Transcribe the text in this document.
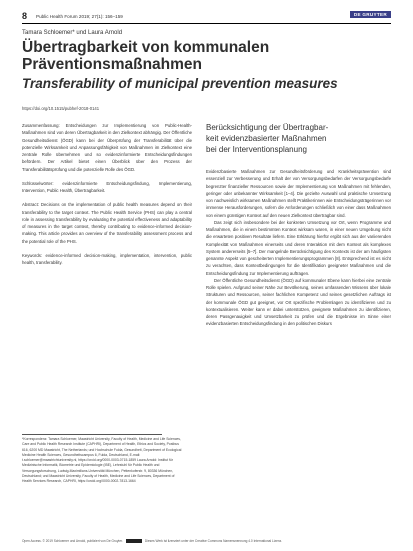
8	Public Health Forum 2019; 27(1): 156–159	DE GRUYTER
Tamara Schloemer* und Laura Arnold
Übertragbarkeit von kommunalen Präventionsmaßnahmen
Transferability of municipal prevention measures
https://doi.org/10.1515/pubhef-2018-0141

Zusammenfassung: Entscheidungen zur Implementierung von Public-Health-Maßnahmen sind von deren Übertragbarkeit in den Zielkontext abhängig. Der Öffentliche Gesundheitsdienst (ÖGD) kann bei der Überprüfung der Transferabilität über die potenzielle Wirksamkeit und Anpassungsfähigkeit von Maßnahmen im Zielkontext eine zentrale Rolle übernehmen und so evidenzinformierte Entscheidungsfindungen befördern. Der Artikel bietet einen Überblick über den Prozess der Transferabilitätsprüfung und die potenzielle Rolle des ÖGD.

Schlüsselwörter: evidenzinformierte Entscheidungsfindung, Implementierung, Intervention, Public Health, Übertragbarkeit.

Abstract: Decisions on the implementation of public health measures depend on their transferability to the target context. The Public Health Service (PHS) can play a central role in assessing transferability by evaluating the potential effectiveness and adaptability of measures in the target context, thereby contributing to evidence-informed decision-making. This article provides an overview of the transferability assessment process and the potential role of the PHS.

Keywords: evidence-informed decision-making, implementation, intervention, public health, transferability.

*Korrespondenz: Tamara Schloemer, Maastricht University, Faculty of Health, Medicine and Life Sciences, Care and Public Health Research Institute (CAPHRI), Department of Health, Ethics and Society, Postbus 616, 6200 MD Maastricht, The Netherlands; und Hochschule Fulda, Gesundheit, Department of Ecological Medicine Health Sciences, Gesundheitscampus 6, Fulda, Deutschland, E-mail: t.schloemer@maastrichtuniversity.nl, https://orcid.org/0000-0003-0715-1859 Laura Arnold: Institut für Medizinische Informatik, Biometrie und Epidemiologie (IBE), Lehrstuhl für Public Health und Versorgungsforschung, Ludwig-Maximilians-Universität München, Pettenkoferstr. 9, 80336 München, Deutschland; und Maastricht University, Faculty of Health, Medicine and Life Sciences, Department of Health Services Research, CAPHRI, https://orcid.org/0000-0002-7813-1664
Berücksichtigung der Übertragbar-
keit evidenzbasierter Maßnahmen
bei der Interventionsplanung

Evidenzbasierte Maßnahmen zur Gesundheitsförderung und Krankheitsprävention sind essenziell zur Verbesserung und Erhalt der von Versorgungsbedarfen der Versorgungsbedarfe begrenzter finanzieller Ressourcen sowie der Implementierung von Maßnahmen mit fehlenden, geringer oder unbekannter Wirksamkeit [1–4]. Die gezielte Auswahl und praktische Umsetzung von nachweislich wirksamen Maßnahmen stellt Praktikerinnen wie Entscheidungsträgerinnen vor immense Herausforderungen, sofern die Anforderungen schließlich von einer dass Maßnahmen von einem günstigen Kontext auf den neuen Zielkontext übertragbar sind.

Das zeigt sich insbesondere bei der konkreten Umsetzung vor Ort, wenn Programme und Maßnahmen, die in einem bestimmten Kontext wirksam waren, in einer neuen Umgebung nicht die erwarteten positiven Resultate liefern. Eine Erklärung hierfür ergibt sich aus der variierenden Komplexität von Maßnahmen einerseits und deren Interaktion mit dem Kontext als komplexes System andererseits [5–7]. Der mangelnde Berücksichtigung des Kontexts ist der am häufigsten genannte Aspekt von gescheiterten Implementierungsprogrammen [8]. Entsprechend ist es nicht zu verachten, dass Kontextbedingungen für die Identifikation geeigneter Maßnahmen und die Entscheidungsfindung zur Implementierung auftragen.

Der Öffentliche Gesundheitsdienst (ÖGD) auf kommunaler Ebene kann hierbei eine zentrale Rolle spielen. Aufgrund seiner Nähe zur Bevölkerung, seines umfassenden Wissens über lokale Strukturen und Ressourcen, seiner fachlichen Kompetenz und seines gesetzlichen Auftrags ist der kommunale ÖGD gut geeignet, vor Ort spezifische Problemlagen zu identifizieren und zu kontextualisieren. Weiter kann er dabei unterstützen, geeignete Maßnahmen zu identifizieren, deren Passgenauigkeit und Umsetzbarkeit zu prüfen und die Ergebnisse im Sinne einer evidenzbasierten Entscheidungsfindung in den politischen Diskurs

Open Access. © 2019 Schloemer und Arnold, publiziert von De Gruyter.	Dieses Werk ist lizenziert unter der Creative Commons Namensnennung 4.0 International Lizenz.
